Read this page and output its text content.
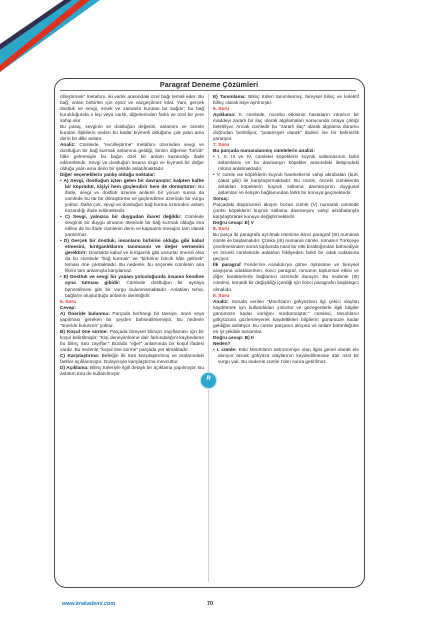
Paragraf Deneme Çözümleri

cilleştirmek” metaforu, iki varlık arasındaki özel bağı temsil eder. Bu bağ, onları birbirleri için eşsiz ve vazgeçilmez kılar. Yani, gerçek dostluk ve sevgi, emek ve zamanla kurulan bir bağdır; bu bağ kurulduğunda o kişi veya varlık, diğerlerinden farklı ve özel bir yere sahip olur.

Bu pasaj, sevginin ve dostluğun değerini, anlamını ve özenle kurulan ilişkilerin neden bu kadar kıymetli olduğunu çok yalın ama derin bir dille anlatır.

Analiz: Cümlede, “evcilleştirme” metaforu üzerinden sevgi ve dostluğun bir bağ kurmak anlamına geldiği, birinin diğerine “biricik” hâle gelmesiyle bu bağın özel bir anlam kazandığı ifade edilmektedir. Sevgi ve dostluğun insana özgü ve kıymetli bir değer olduğu yalın ama derin bir şekilde anlatılmaktadır.

Diğer seçeneklerin yanlış olduğu noktalar:

• A) Sevgi, dostluğun içten gelen bir davranıştır; kalpten kalbe bir köprüdür, kişiyi hem güçlendirir hem de dönüştürür: Bu ifade, sevgi ve dostluk üzerine anlamlı bir yorum sunsa da cümlede bu tür bir dönüştürme ve güçlendirme üzerinde bir vurgu yoktur. Daha çok, sevgi ve dostluğun bağ kurma üzerinden anlam kazandığı ifade edilmektedir.

• C) Sevgi, yalnızca bir duygudan ibaret değildir: Cümlede sevginin bir duygu olmanın ötesinde bir bağ kurmak olduğu ima edilse de bu ifade cümlenin derin ve kapsamlı mesajını tam olarak yansıtmaz.

• D) Gerçek bir dostluk, insanların birbirini olduğu gibi kabul etmesini, kırılganlıklarını tanımasını ve değer vermesini gerektirir: Dostlukta kabul ve kırılganlık gibi unsurlar önemli olsa da bu cümlede “bağ kurmak” ve “birbirine biricik hâle gelmek” teması öne çıkmaktadır. Bu nedenle, bu seçenek cümlenin ana fikrini tam anlamıyla karşılamaz.

• E) Dostluk ve sevgi bir yaşam yolculuğunda insanın kendine ayna tutması gibidir: Cümlede dostluğun bir aynaya benzetilmesi gibi bir vurgu bulunmamaktadır. Anlatılan tema, bağların oluşturduğu anlamın derinliğidir.

5. Soru

Cevap:

A) Öneride bulunma: Parçada herhangi bir tavsiye, öneri veya yapılması gereken bir şeyden bahsedilmemiştir. Bu nedenle “öneride bulunma” yoktur.

B) Koşul öne sürme: Parçada bireysel bilinçin zayıflaması için bir koşul belirtilmiştir: “Kişi deneyimlerine dair farkındalığını kaybederse bu bilinç türü zayıflar.” Burada “eğer” anlamında bir koşul ifadesi vardır. Bu nedenle “koşul öne sürme” parçada yer almaktadır.

C) Karşılaştırma: Belleğin iki türü karşılaştırılmış ve aralarındaki farklar açıklanmıştır. Dolayısıyla karşılaştırma mevcuttur.

D) Açıklama: Bilinç türleriyle ilgili detaylı bir açıklama yapılmıştır. Bu anlatım türü de kullanılmıştır.

E) Tanımlama: Bilinç türleri tanımlanmış, bireysel bilinç ve kolektif bilinç olarak ikiye ayrılmıştır.

6. Soru

Açıklama: II. cümlede, nocebo etkisinin hastaların zararsız bir maddeyi zararlı bir ilaç olarak algılamaları sonucunda ortaya çıktığı belirtiliyor. Ancak cümlede bu “zararlı ilaç” olarak algılama durumu doğrudan belirtiliyor, “potansiyel olarak” ifadesi ise bir belirsizlik yaratıyor.

7. Soru

Bu parçada numaralanmış cümlelerin analizi:

• I, II, III ve IV. cümleler köpeklerin kuyruk sallamasının farklı anlamlarını ve bu davranışın köpekler arasındaki iletişimdeki rolünü anlatmaktadır.

• V. cümle ise köpeklerin kuyruk hareketlerini vahşi akrabaları (kurt, çakal gibi) ile karşılaştırmaktadır. Bu cümle, önceki cümlelerde anlatılan köpeklerin kuyruk sallama davranışının duygusal anlamları ve iletişim bağlamından farklı bir konuya geçmektedir.

Sonuç:

Parçadaki düşüncenin akışını bozan cümle (V) numaralı cümledir çünkü köpeklerin kuyruk sallama davranışını vahşi akrabalarıyla karşılaştırarak konuyu değiştirmektedir.

Doğru cevap: E) V

8. Soru

Bu parça iki paragrafa ayrılmak istenirse ikinci paragraf (III) numaralı cümle ile başlamalıdır. Çünkü (III) numaralı cümle, romanın Türkçeye çevrilmesinden sonra toplumda nasıl bir etki bıraktığından bahsediyor ve önceki cümlelerde anlatılan hikâyeden farklı bir odak noktasına geçiyor.

İlk paragraf Feride’nin Anadolu’ya gitme öyküsüne ve bireysel arayışına odaklanırken, ikinci paragraf, romanın toplumsal etkisi ve diğer karakterlerle bağlantısı üzerinde duruyor. Bu nedenle (III) cümlesi, tematik bir değişikliği içerdiği için ikinci paragrafın başlangıcı olmalıdır.

9. Soru

Analiz: Soruda verilen “Mısırlıların gökyüzünü ilgi çekici olayları kaydetmek için kullandıkları yıldızlar ve gezegenlerle ilgili bilgiler günümüze kadar varlığını sürdürmüştür.” cümlesi, Mısırlıların gökyüzünü gözlemleyerek kaydettikleri bilgilerin günümüze kadar geldiğini anlatıyor. Bu cümle parçanın akışına ve anlam bütünlüğüne en iyi şekilde tamamlar.

Doğru cevap: B) II

Neden?

• I. cümle: Eski Mısırlıların astronomiye olan ilgisi genel olarak ele alınıyor ancak gökyüzü olaylarının kaydedilmesine dair özel bir vurgu yok. Bu nedenle cümle I’den sonra getirilmez.

R
www.krakademi.com	70
